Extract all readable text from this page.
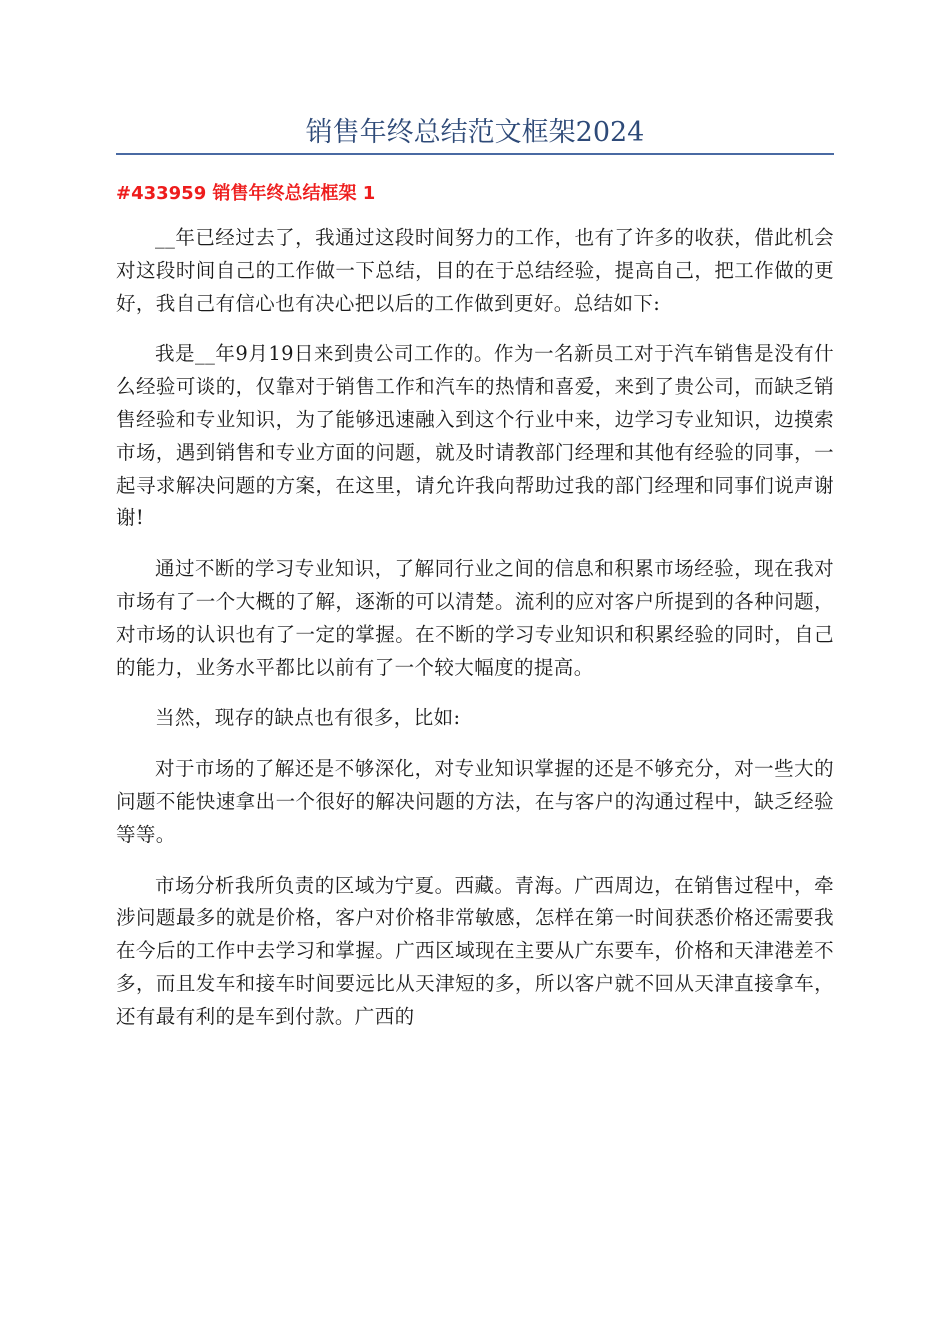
销售年终总结范文框架2024
#433959 销售年终总结框架 1

__年已经过去了，我通过这段时间努力的工作，也有了许多的收获，借此机会对这段时间自己的工作做一下总结，目的在于总结经验，提高自己，把工作做的更好，我自己有信心也有决心把以后的工作做到更好。总结如下:

我是__年9月19日来到贵公司工作的。作为一名新员工对于汽车销售是没有什么经验可谈的，仅靠对于销售工作和汽车的热情和喜爱，来到了贵公司，而缺乏销售经验和专业知识，为了能够迅速融入到这个行业中来，边学习专业知识，边摸索市场，遇到销售和专业方面的问题，就及时请教部门经理和其他有经验的同事，一起寻求解决问题的方案，在这里，请允许我向帮助过我的部门经理和同事们说声谢谢!

通过不断的学习专业知识，了解同行业之间的信息和积累市场经验，现在我对市场有了一个大概的了解，逐渐的可以清楚。流利的应对客户所提到的各种问题，对市场的认识也有了一定的掌握。在不断的学习专业知识和积累经验的同时，自己的能力，业务水平都比以前有了一个较大幅度的提高。

当然，现存的缺点也有很多，比如:

对于市场的了解还是不够深化，对专业知识掌握的还是不够充分，对一些大的问题不能快速拿出一个很好的解决问题的方法，在与客户的沟通过程中，缺乏经验等等。

市场分析我所负责的区域为宁夏。西藏。青海。广西周边，在销售过程中，牵涉问题最多的就是价格，客户对价格非常敏感，怎样在第一时间获悉价格还需要我在今后的工作中去学习和掌握。广西区域现在主要从广东要车，价格和天津港差不多，而且发车和接车时间要远比从天津短的多，所以客户就不回从天津直接拿车，还有最有利的是车到付款。广西的
